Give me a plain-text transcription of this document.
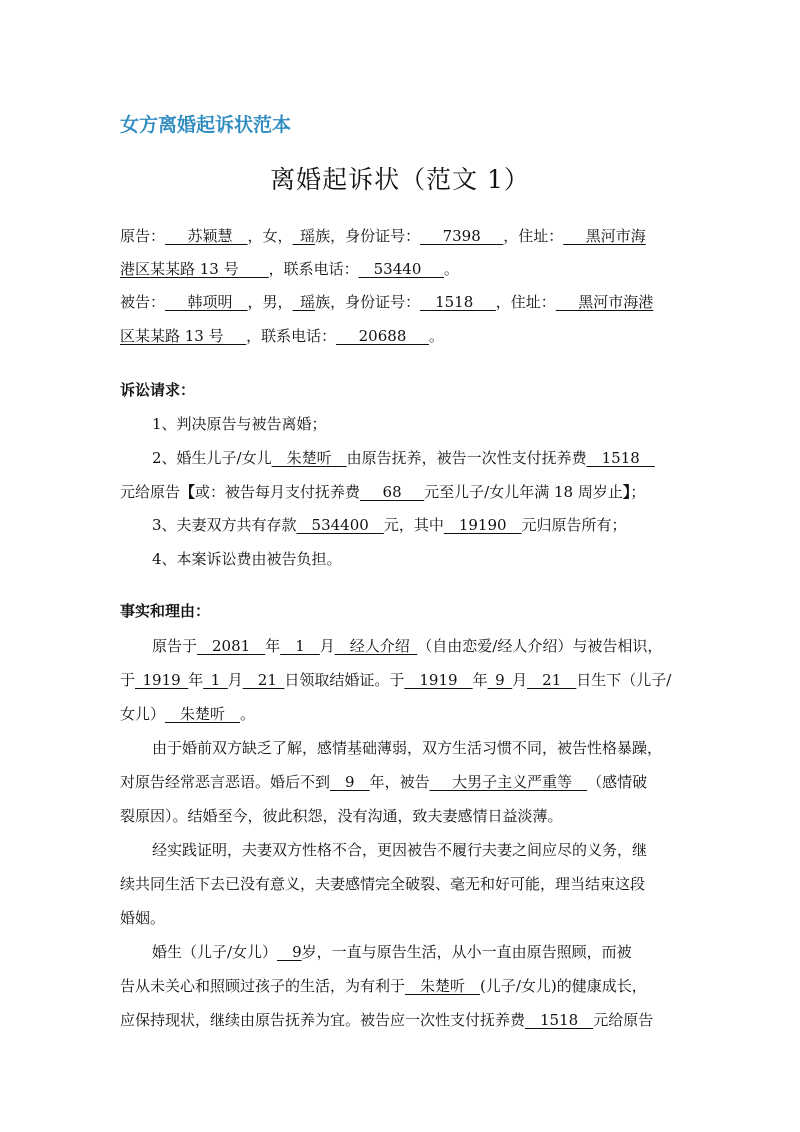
女方离婚起诉状范本
离婚起诉状（范文 1）
原告：___苏颖慧__，女，_瑶族，身份证号：___7398___，住址：___黑河市海
港区某某路 13 号____，联系电话：__53440___。
被告：___韩项明__，男，_瑶族，身份证号：__1518___，住址：___黑河市海港
区某某路 13 号___，联系电话：___20688___。
诉讼请求：
1、判决原告与被告离婚；
2、婚生儿子/女儿__朱楚听__由原告抚养，被告一次性支付抚养费__1518__
元给原告【或：被告每月支付抚养费___68___元至儿子/女儿年满 18 周岁止】；
3、夫妻双方共有存款__534400__元，其中__19190__元归原告所有；
4、本案诉讼费由被告负担。
事实和理由：
原告于__2081__年__1__月__经人介绍_（自由恋爱/经人介绍）与被告相识，
于_1919_年_1_月__21_日领取结婚证。于__1919__年_9_月__21__日生下（儿子/
女儿）__朱楚听__。
由于婚前双方缺乏了解，感情基础薄弱，双方生活习惯不同，被告性格暴躁，
对原告经常恶言恶语。婚后不到__9__年，被告___大男子主义严重等__（感情破
裂原因）。结婚至今，彼此积怨，没有沟通，致夫妻感情日益淡薄。
经实践证明，夫妻双方性格不合，更因被告不履行夫妻之间应尽的义务，继
续共同生活下去已没有意义，夫妻感情完全破裂、毫无和好可能，理当结束这段
婚姻。
婚生（儿子/女儿）__9岁，一直与原告生活，从小一直由原告照顾，而被
告从未关心和照顾过孩子的生活，为有利于__朱楚听__(儿子/女儿)的健康成长，
应保持现状，继续由原告抚养为宜。被告应一次性支付抚养费__1518__元给原告
